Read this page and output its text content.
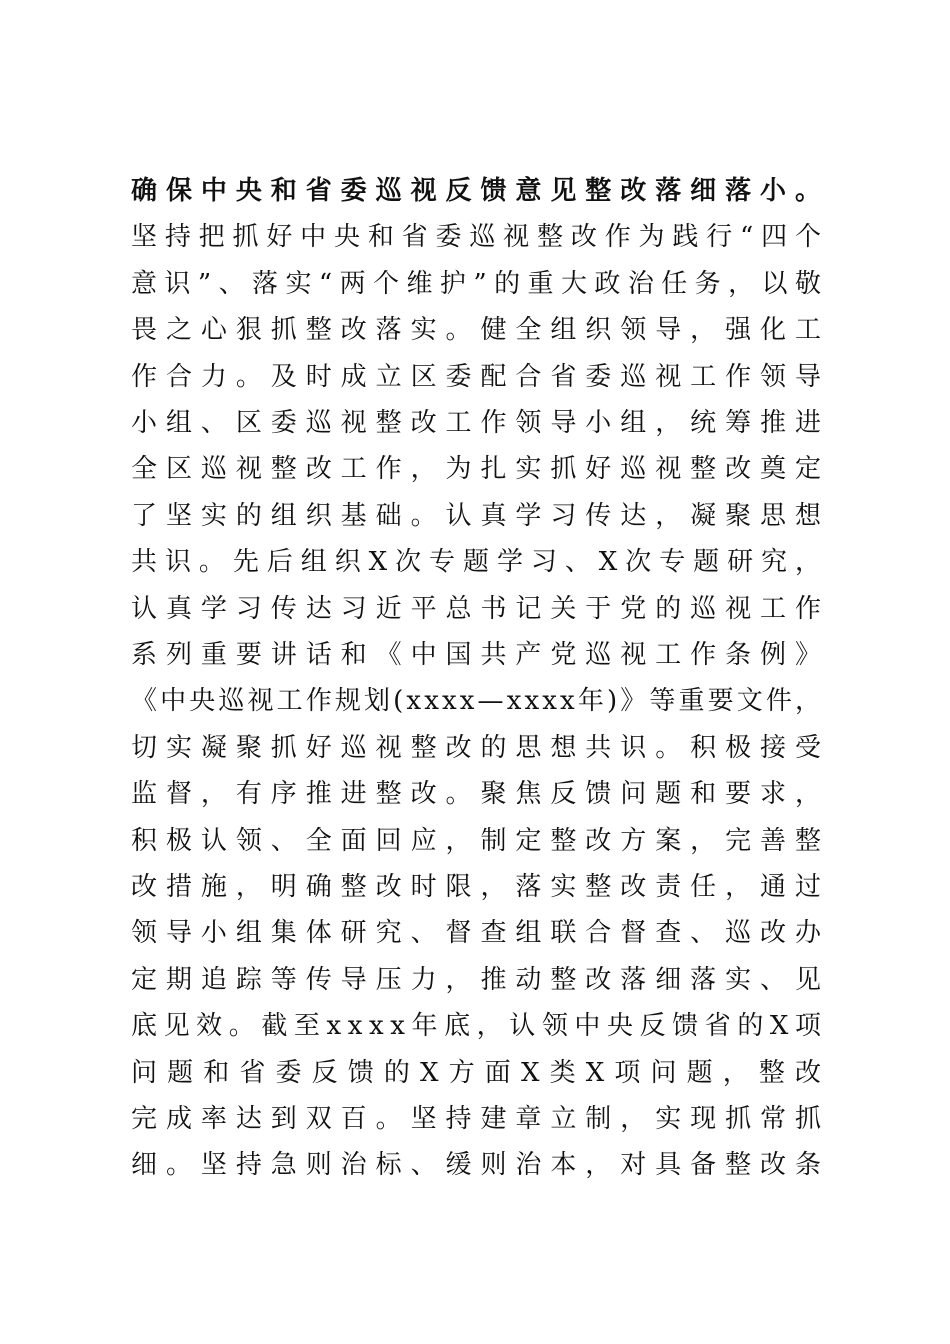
确保中央和省委巡视反馈意见整改落细落小。
坚持把抓好中央和省委巡视整改作为践行“四个
意识”、落实“两个维护”的重大政治任务，以敬
畏之心狠抓整改落实。健全组织领导，强化工
作合力。及时成立区委配合省委巡视工作领导
小组、区委巡视整改工作领导小组，统筹推进
全区巡视整改工作，为扎实抓好巡视整改奠定
了坚实的组织基础。认真学习传达，凝聚思想
共识。先后组织X次专题学习、X次专题研究，
认真学习传达习近平总书记关于党的巡视工作
系列重要讲话和《中国共产党巡视工作条例》
《中央巡视工作规划(xxxx—xxxx年)》等重要文件，
切实凝聚抓好巡视整改的思想共识。积极接受
监督，有序推进整改。聚焦反馈问题和要求，
积极认领、全面回应，制定整改方案，完善整
改措施，明确整改时限，落实整改责任，通过
领导小组集体研究、督查组联合督查、巡改办
定期追踪等传导压力，推动整改落细落实、见
底见效。截至xxxx年底，认领中央反馈省的X项
问题和省委反馈的X方面X类X项问题，整改
完成率达到双百。坚持建章立制，实现抓常抓
细。坚持急则治标、缓则治本，对具备整改条
